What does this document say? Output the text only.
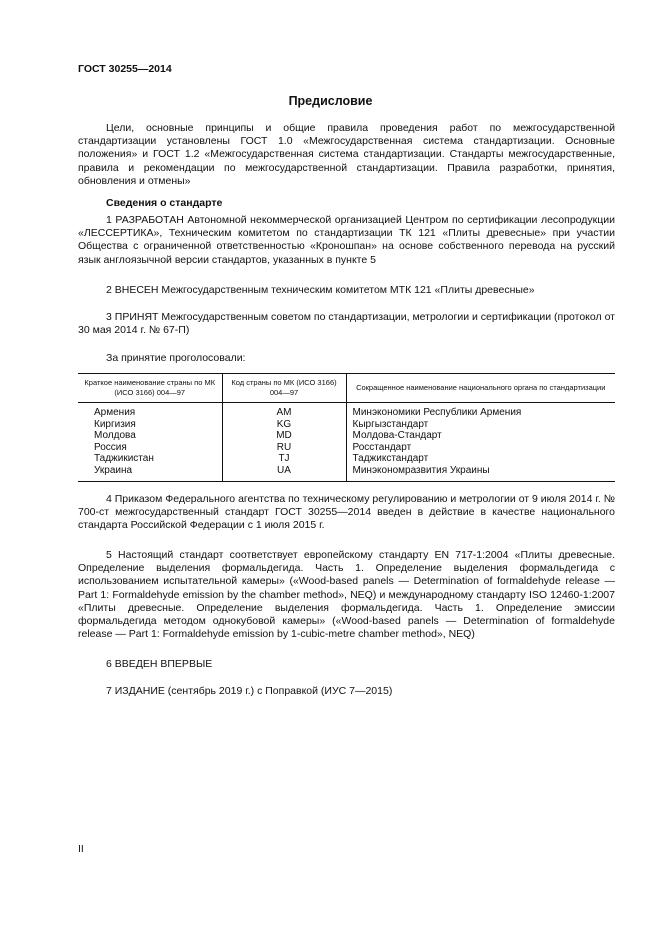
ГОСТ 30255—2014
Предисловие
Цели, основные принципы и общие правила проведения работ по межгосударственной стандартизации установлены ГОСТ 1.0 «Межгосударственная система стандартизации. Основные положения» и ГОСТ 1.2 «Межгосударственная система стандартизации. Стандарты межгосударственные, правила и рекомендации по межгосударственной стандартизации. Правила разработки, принятия, обновления и отмены»
Сведения о стандарте
1 РАЗРАБОТАН Автономной некоммерческой организацией Центром по сертификации лесопродукции «ЛЕССЕРТИКА», Техническим комитетом по стандартизации ТК 121 «Плиты древесные» при участии Общества с ограниченной ответственностью «Кроношпан» на основе собственного перевода на русский язык англоязычной версии стандартов, указанных в пункте 5
2 ВНЕСЕН Межгосударственным техническим комитетом МТК 121 «Плиты древесные»
3 ПРИНЯТ Межгосударственным советом по стандартизации, метрологии и сертификации (протокол от 30 мая 2014 г. № 67-П)
За принятие проголосовали:
Краткое наименование страны по МК (ИСО 3166) 004—97	Код страны по МК (ИСО 3166) 004—97	Сокращенное наименование национального органа по стандартизации
Армения	AM	Минэкономики Республики Армения
Киргизия	KG	Кыргызстандарт
Молдова	MD	Молдова-Стандарт
Россия	RU	Росстандарт
Таджикистан	TJ	Таджикстандарт
Украина	UA	Минэкономразвития Украины
4 Приказом Федерального агентства по техническому регулированию и метрологии от 9 июля 2014 г. № 700-ст межгосударственный стандарт ГОСТ 30255—2014 введен в действие в качестве национального стандарта Российской Федерации с 1 июля 2015 г.
5 Настоящий стандарт соответствует европейскому стандарту EN 717-1:2004 «Плиты древесные. Определение выделения формальдегида. Часть 1. Определение выделения формальдегида с использованием испытательной камеры» («Wood-based panels — Determination of formaldehyde release — Part 1: Formaldehyde emission by the chamber method», NEQ) и международному стандарту ISO 12460-1:2007 «Плиты древесные. Определение выделения формальдегида. Часть 1. Определение эмиссии формальдегида методом однокубовой камеры» («Wood-based panels — Determination of formaldehyde release — Part 1: Formaldehyde emission by 1-cubic-metre chamber method», NEQ)
6 ВВЕДЕН ВПЕРВЫЕ
7 ИЗДАНИЕ (сентябрь 2019 г.) с Поправкой (ИУС 7—2015)
II
